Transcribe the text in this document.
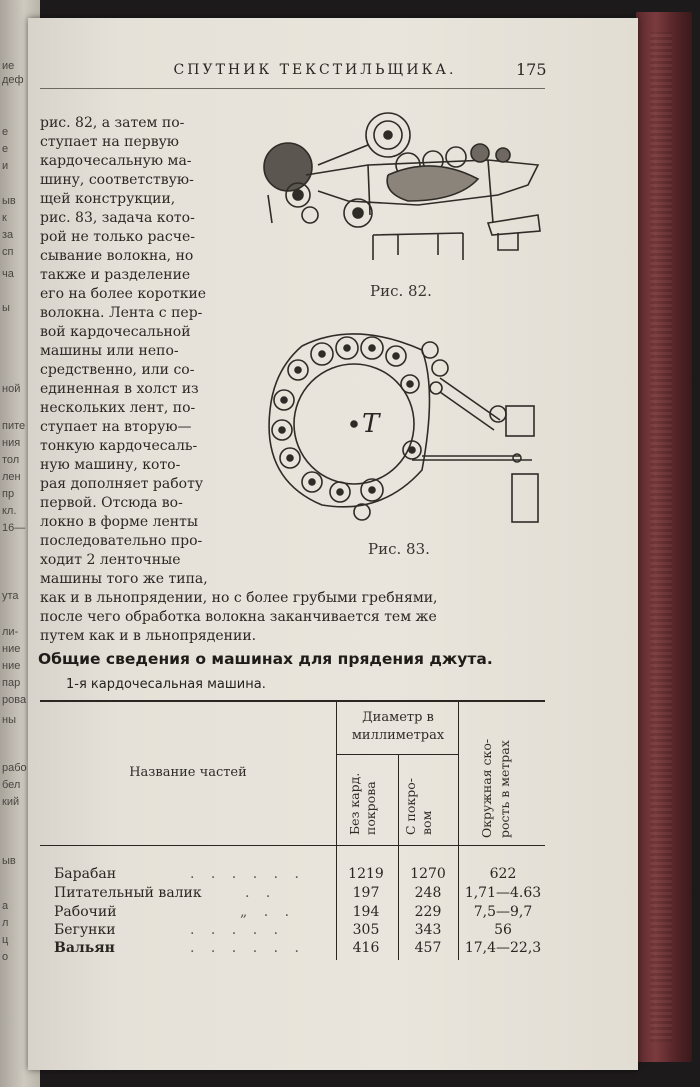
ие
деф
е
е
и
ыв
к
за
сп
ча
ы
ной
пите
ния
тол
лен
пр
кл.
16—
ута
ли-
ние
ние
пар
рова
ны
рабо
бел
кий
ыв
а
л
ц
о
СПУТНИК ТЕКСТИЛЬЩИКА.	175
рис. 82, а затем по-
ступает на первую
кардочесальную ма-
шину, соответствую-
щей конструкции,
рис. 83, задача кото-
рой не только расче-
сывание волокна, но
также и разделение
его на более короткие
волокна. Лента с пер-
вой кардочесальной
машины или непо-
средственно, или со-
единенная в холст из
нескольких лент, по-
ступает на вторую—
тонкую кардочесаль-
ную машину, кото-
рая дополняет работу
первой. Отсюда во-
локно в форме ленты
последовательно про-
ходит 2 ленточные
машины того же типа,
как и в льнопрядении, но с более грубыми гребнями,
после чего обработка волокна заканчивается тем же
путем как и в льнопрядении.
Рис. 82.
T
Рис. 83.
Общие сведения о машинах для прядения джута.
1-я кардочесальная машина.
Название частей
Диаметр в
миллиметрах
Без кард. покрова С покро- вом	Окружная ско- рость в метрах
Барабан	. . . . . .	1219	1270	622
Питательный валик	. .	197	248	1,71—4.63
Рабочий	„ . .	194	229	7,5—9,7
Бегунки	. . . . .	305	343	56
Вальян	. . . . . .	416	457	17,4—22,3
